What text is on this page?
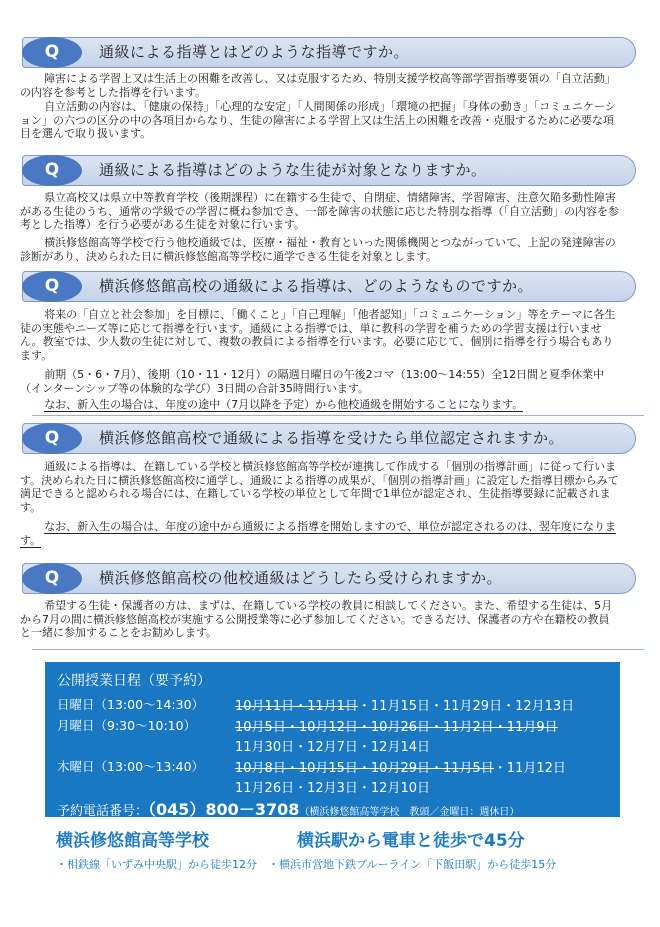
Q	通級による指導とはどのような指導ですか。

障害による学習上又は生活上の困難を改善し、又は克服するため、特別支援学校高等部学習指導要領の「自立活動」の内容を参考とした指導を行います。

自立活動の内容は、「健康の保持」「心理的な安定」「人間関係の形成」「環境の把握」「身体の動き」「コミュニケーション」の六つの区分の中の各項目からなり、生徒の障害による学習上又は生活上の困難を改善・克服するために必要な項目を選んで取り扱います。

Q	通級による指導はどのような生徒が対象となりますか。

県立高校又は県立中等教育学校（後期課程）に在籍する生徒で、自閉症、情緒障害、学習障害、注意欠陥多動性障害がある生徒のうち、通常の学級での学習に概ね参加でき、一部を障害の状態に応じた特別な指導（「自立活動」の内容を参考とした指導）を行う必要がある生徒を対象に行います。

横浜修悠館高等学校で行う他校通級では、医療・福祉・教育といった関係機関とつながっていて、上記の発達障害の診断があり、決められた日に横浜修悠館高等学校に通学できる生徒を対象とします。

Q	横浜修悠館高校の通級による指導は、どのようなものですか。

将来の「自立と社会参加」を目標に、「働くこと」「自己理解」「他者認知」「コミュニケーション」等をテーマに各生徒の実態やニーズ等に応じて指導を行います。通級による指導では、単に教科の学習を補うための学習支援は行いません。教室では、少人数の生徒に対して、複数の教員による指導を行います。必要に応じて、個別に指導を行う場合もあります。

前期（5・6・7月）、後期（10・11・12月）の隔週日曜日の午後2コマ（13:00〜14:55）全12日間と夏季休業中（インターンシップ等の体験的な学び）3日間の合計35時間行います。

なお、新入生の場合は、年度の途中（7月以降を予定）から他校通級を開始することになります。

Q	横浜修悠館高校で通級による指導を受けたら単位認定されますか。

通級による指導は、在籍している学校と横浜修悠館高等学校が連携して作成する「個別の指導計画」に従って行います。決められた日に横浜修悠館高校に通学し、通級による指導の成果が、「個別の指導計画」に設定した指導目標からみて満足できると認められる場合には、在籍している学校の単位として年間で1単位が認定され、生徒指導要録に記載されます。

なお、新入生の場合は、年度の途中から通級による指導を開始しますので、単位が認定されるのは、翌年度になります。

Q	横浜修悠館高校の他校通級はどうしたら受けられますか。

希望する生徒・保護者の方は、まずは、在籍している学校の教員に相談してください。また、希望する生徒は、5月から7月の間に横浜修悠館高校が実施する公開授業等に必ず参加してください。できるだけ、保護者の方や在籍校の教員と一緒に参加することをお勧めします。

公開授業日程（要予約）
日曜日（13:00〜14:30） 10月11日・11月1日・11月15日・11月29日・12月13日
月曜日（9:30〜10:10）	10月5日・10月12日・10月26日・11月2日・11月9日
11月30日・12月7日・12月14日
木曜日（13:00〜13:40） 10月8日・10月15日・10月29日・11月5日・11月12日
11月26日・12月3日・12月10日
予約電話番号：（045）800－3708（横浜修悠館高等学校　教頭／金曜日：週休日）
横浜修悠館高等学校	横浜駅から電車と徒歩で45分
・相鉄線「いずみ中央駅」から徒歩12分　・横浜市営地下鉄ブルーライン「下飯田駅」から徒歩15分
